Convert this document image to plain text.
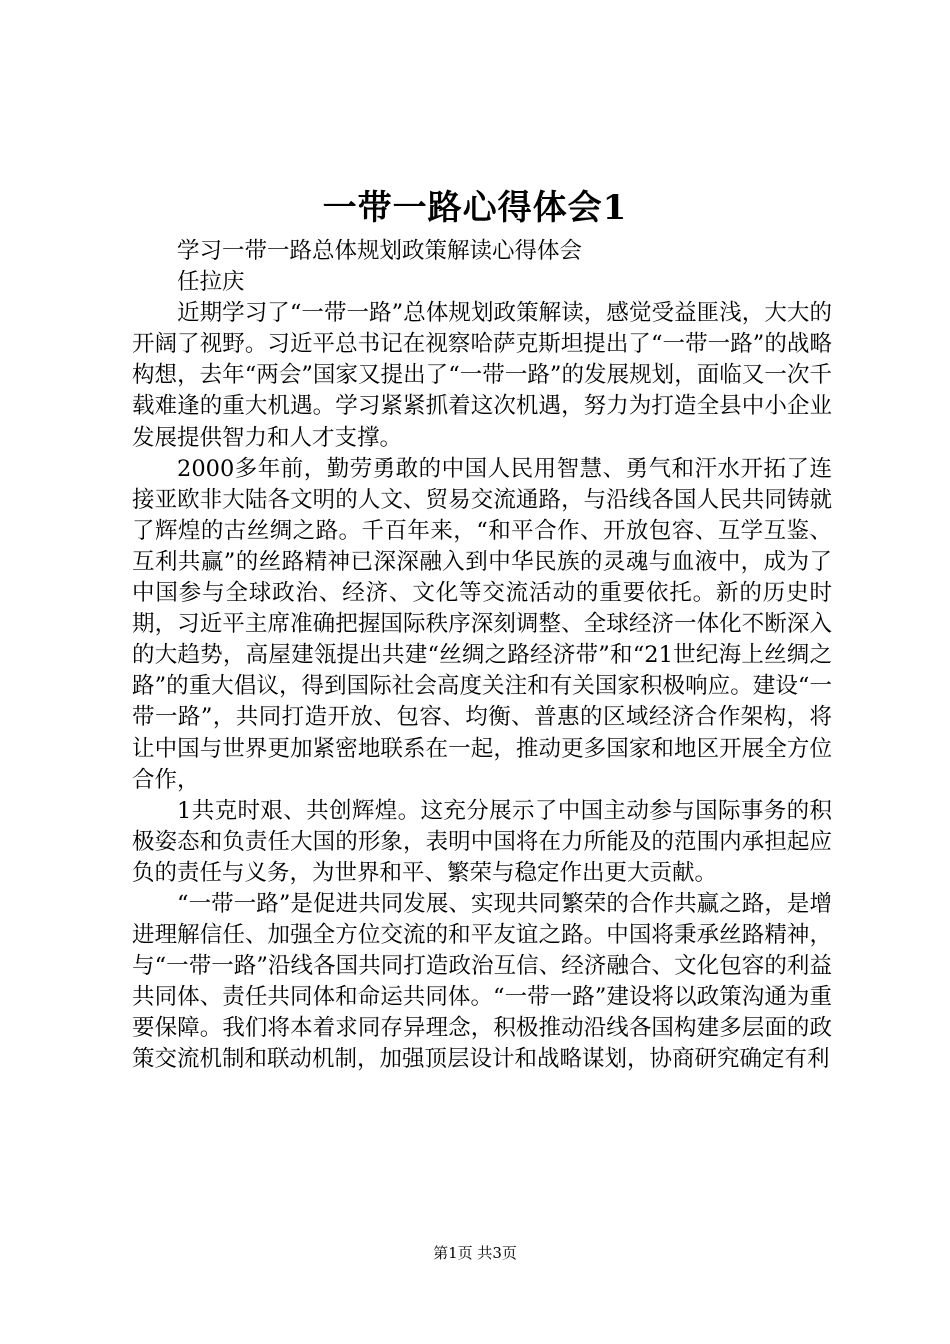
一带一路心得体会1

学习一带一路总体规划政策解读心得体会

任拉庆

近期学习了“一带一路”总体规划政策解读，感觉受益匪浅，大大的开阔了视野。习近平总书记在视察哈萨克斯坦提出了“一带一路”的战略构想，去年“两会”国家又提出了“一带一路”的发展规划，面临又一次千载难逢的重大机遇。学习紧紧抓着这次机遇，努力为打造全县中小企业发展提供智力和人才支撑。

2000多年前，勤劳勇敢的中国人民用智慧、勇气和汗水开拓了连接亚欧非大陆各文明的人文、贸易交流通路，与沿线各国人民共同铸就了辉煌的古丝绸之路。千百年来，“和平合作、开放包容、互学互鉴、互利共赢”的丝路精神已深深融入到中华民族的灵魂与血液中，成为了中国参与全球政治、经济、文化等交流活动的重要依托。新的历史时期，习近平主席准确把握国际秩序深刻调整、全球经济一体化不断深入的大趋势，高屋建瓴提出共建“丝绸之路经济带”和“21世纪海上丝绸之路”的重大倡议，得到国际社会高度关注和有关国家积极响应。建设“一带一路”，共同打造开放、包容、均衡、普惠的区域经济合作架构，将让中国与世界更加紧密地联系在一起，推动更多国家和地区开展全方位合作，

1共克时艰、共创辉煌。这充分展示了中国主动参与国际事务的积极姿态和负责任大国的形象，表明中国将在力所能及的范围内承担起应负的责任与义务，为世界和平、繁荣与稳定作出更大贡献。

“一带一路”是促进共同发展、实现共同繁荣的合作共赢之路，是增进理解信任、加强全方位交流的和平友谊之路。中国将秉承丝路精神，与“一带一路”沿线各国共同打造政治互信、经济融合、文化包容的利益共同体、责任共同体和命运共同体。“一带一路”建设将以政策沟通为重要保障。我们将本着求同存异理念，积极推动沿线各国构建多层面的政策交流机制和联动机制，加强顶层设计和战略谋划，协商研究确定有利

第1页 共3页
